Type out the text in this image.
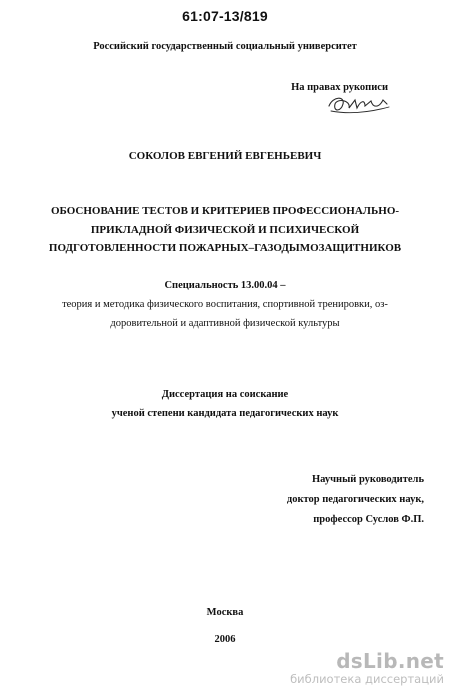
61:07-13/819
Российский государственный социальный университет
На правах рукописи
СОКОЛОВ ЕВГЕНИЙ ЕВГЕНЬЕВИЧ
ОБОСНОВАНИЕ ТЕСТОВ И КРИТЕРИЕВ ПРОФЕССИОНАЛЬНО-
ПРИКЛАДНОЙ ФИЗИЧЕСКОЙ И ПСИХИЧЕСКОЙ
ПОДГОТОВЛЕННОСТИ ПОЖАРНЫХ–ГАЗОДЫМОЗАЩИТНИКОВ
Специальность 13.00.04 –
теория и методика физического воспитания, спортивной тренировки, оз-
доровительной и адаптивной физической культуры
Диссертация на соискание
ученой степени кандидата педагогических наук
Научный руководитель
доктор педагогических наук,
профессор Суслов Ф.П.
Москва
2006
dsLib.net
библиотека диссертаций
